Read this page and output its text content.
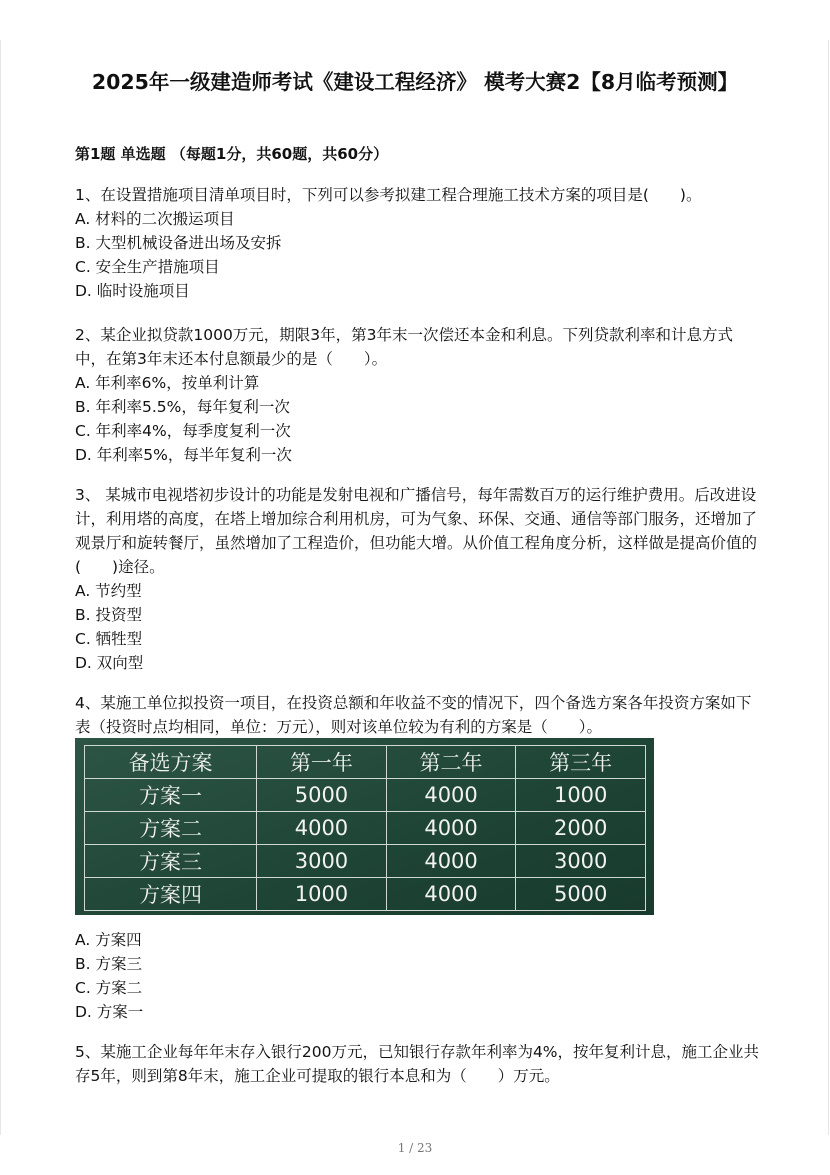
2025年一级建造师考试《建设工程经济》 模考大赛2【8月临考预测】
第1题 单选题 （每题1分，共60题，共60分）

1、在设置措施项目清单项目时，下列可以参考拟建工程合理施工技术方案的项目是(　　)。

A. 材料的二次搬运项目

B. 大型机械设备进出场及安拆

C. 安全生产措施项目

D. 临时设施项目

2、某企业拟贷款1000万元，期限3年，第3年末一次偿还本金和利息。下列贷款利率和计息方式中，在第3年末还本付息额最少的是（　　）。

A. 年利率6%，按单利计算

B. 年利率5.5%，每年复利一次

C. 年利率4%，每季度复利一次

D. 年利率5%，每半年复利一次

3、 某城市电视塔初步设计的功能是发射电视和广播信号，每年需数百万的运行维护费用。后改进设计，利用塔的高度，在塔上增加综合利用机房，可为气象、环保、交通、通信等部门服务，还增加了观景厅和旋转餐厅，虽然增加了工程造价，但功能大增。从价值工程角度分析，这样做是提高价值的(　　)途径。

A. 节约型

B. 投资型

C. 牺牲型

D. 双向型

4、某施工单位拟投资一项目，在投资总额和年收益不变的情况下，四个备选方案各年投资方案如下表（投资时点均相同，单位：万元），则对该单位较为有利的方案是（　　）。

备选方案	第一年	第二年	第三年
方案一	5000	4000	1000
方案二	4000	4000	2000
方案三	3000	4000	3000
方案四	1000	4000	5000

A. 方案四

B. 方案三

C. 方案二

D. 方案一

5、某施工企业每年年末存入银行200万元，已知银行存款年利率为4%，按年复利计息，施工企业共存5年，则到第8年末，施工企业可提取的银行本息和为（　　）万元。

1 / 23
